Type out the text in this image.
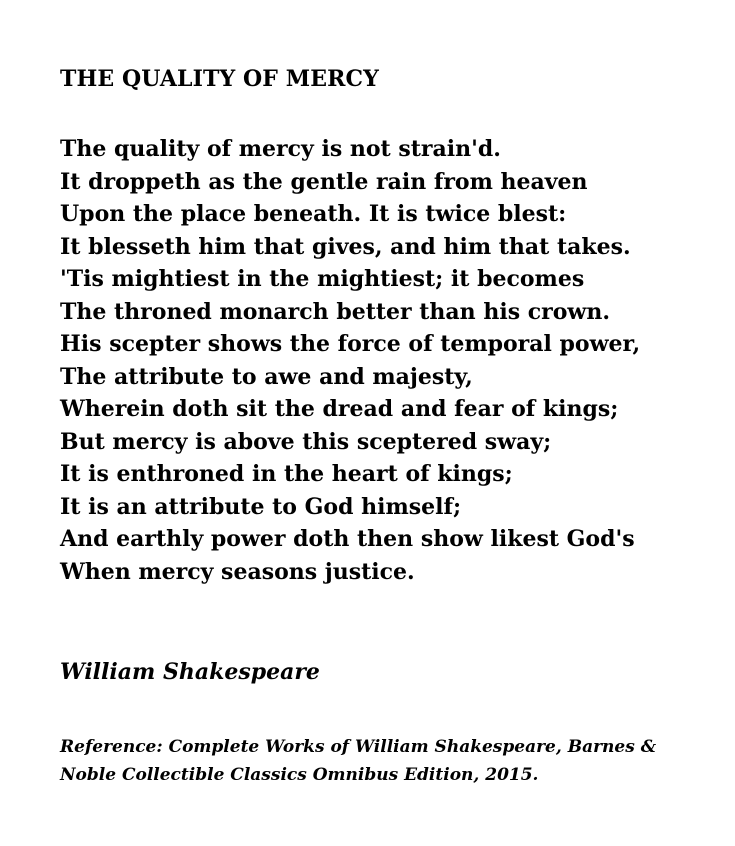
THE QUALITY OF MERCY
The quality of mercy is not strain'd.
It droppeth as the gentle rain from heaven
Upon the place beneath. It is twice blest:
It blesseth him that gives, and him that takes.
'Tis mightiest in the mightiest; it becomes
The throned monarch better than his crown.
His scepter shows the force of temporal power,
The attribute to awe and majesty,
Wherein doth sit the dread and fear of kings;
But mercy is above this sceptered sway;
It is enthroned in the heart of kings;
It is an attribute to God himself;
And earthly power doth then show likest God's
When mercy seasons justice.

William Shakespeare

Reference: Complete Works of William Shakespeare, Barnes &
Noble Collectible Classics Omnibus Edition, 2015.
